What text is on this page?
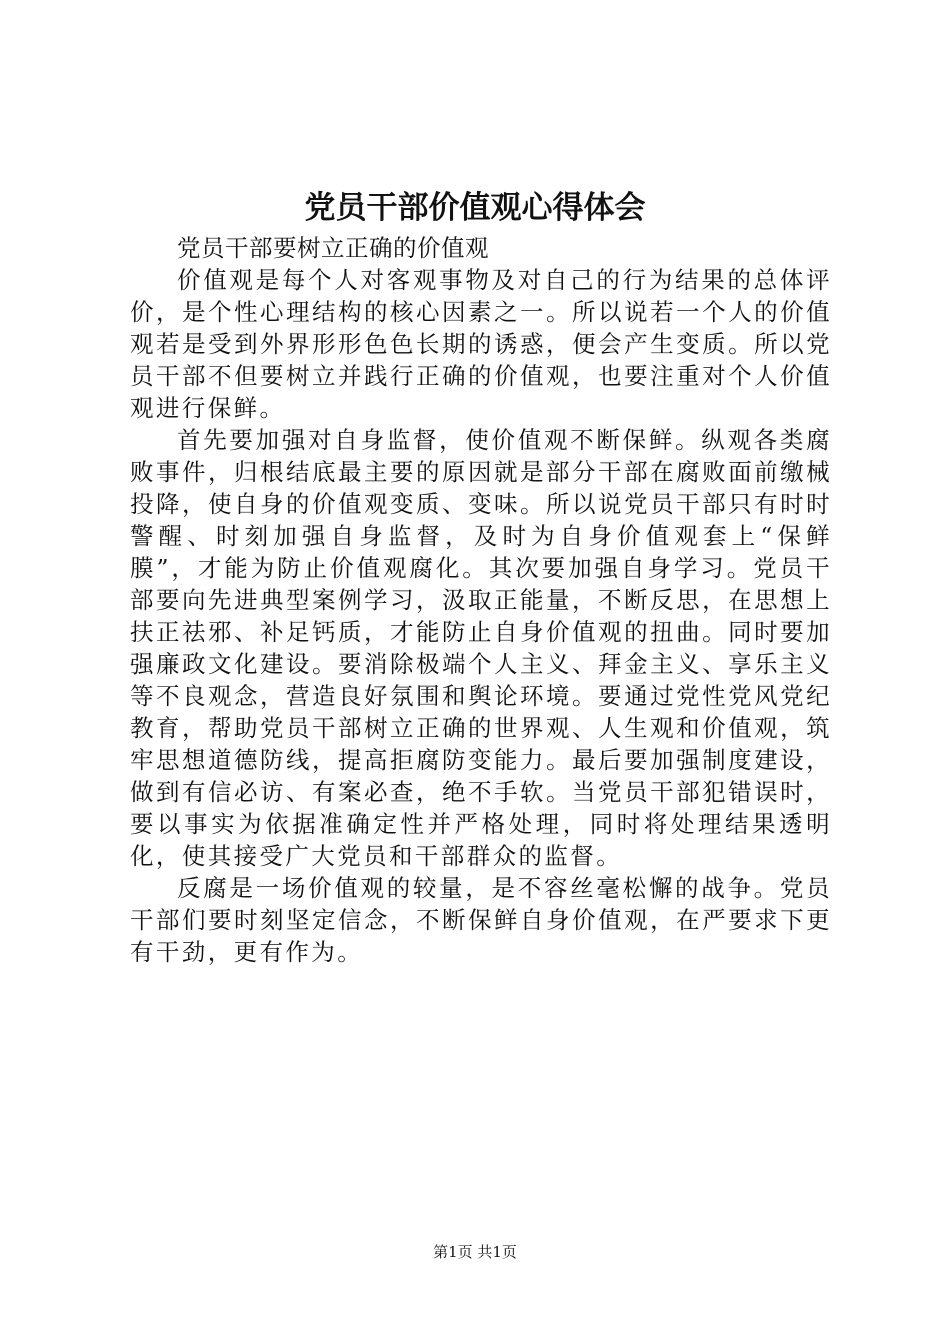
党员干部价值观心得体会

党员干部要树立正确的价值观

价值观是每个人对客观事物及对自己的行为结果的总体评价，是个性心理结构的核心因素之一。所以说若一个人的价值观若是受到外界形形色色长期的诱惑，便会产生变质。所以党员干部不但要树立并践行正确的价值观，也要注重对个人价值观进行保鲜。

首先要加强对自身监督，使价值观不断保鲜。纵观各类腐败事件，归根结底最主要的原因就是部分干部在腐败面前缴械投降，使自身的价值观变质、变味。所以说党员干部只有时时警醒、时刻加强自身监督，及时为自身价值观套上“保鲜膜”，才能为防止价值观腐化。其次要加强自身学习。党员干部要向先进典型案例学习，汲取正能量，不断反思，在思想上扶正祛邪、补足钙质，才能防止自身价值观的扭曲。同时要加强廉政文化建设。要消除极端个人主义、拜金主义、享乐主义等不良观念，营造良好氛围和舆论环境。要通过党性党风党纪教育，帮助党员干部树立正确的世界观、人生观和价值观，筑牢思想道德防线，提高拒腐防变能力。最后要加强制度建设，做到有信必访、有案必查，绝不手软。当党员干部犯错误时，要以事实为依据准确定性并严格处理，同时将处理结果透明化，使其接受广大党员和干部群众的监督。

反腐是一场价值观的较量，是不容丝毫松懈的战争。党员干部们要时刻坚定信念，不断保鲜自身价值观，在严要求下更有干劲，更有作为。

第1页 共1页
